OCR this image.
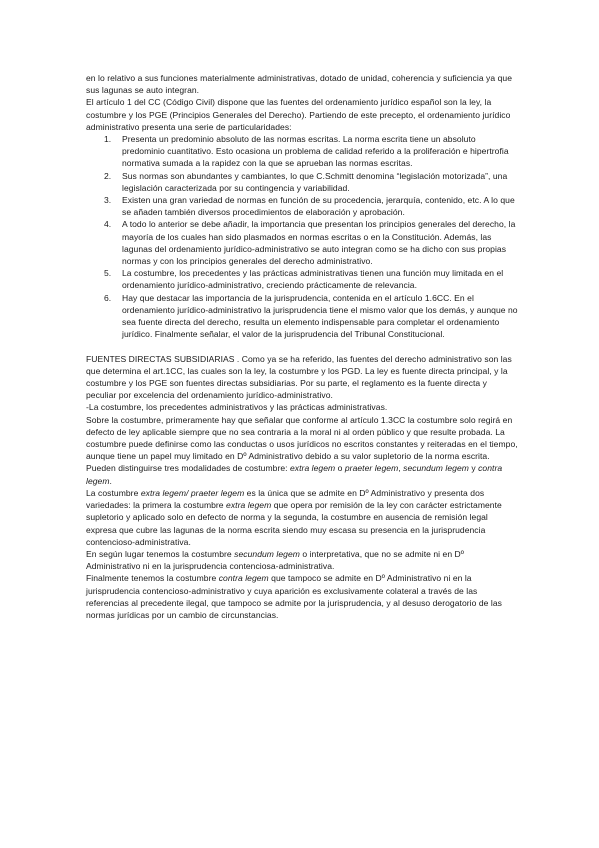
en lo relativo a sus funciones materialmente administrativas, dotado de unidad, coherencia y suficiencia ya que sus lagunas se auto integran.

El artículo 1 del CC (Código Civil) dispone que las fuentes del ordenamiento jurídico español son la ley, la costumbre y los PGE (Principios Generales del Derecho). Partiendo de este precepto, el ordenamiento jurídico administrativo presenta una serie de particularidades:

1. Presenta un predominio absoluto de las normas escritas. La norma escrita tiene un absoluto predominio cuantitativo. Esto ocasiona un problema de calidad referido a la proliferación e hipertrofia normativa sumada a la rapidez con la que se aprueban las normas escritas.
2. Sus normas son abundantes y cambiantes, lo que C.Schmitt denomina “legislación motorizada”, una legislación caracterizada por su contingencia y variabilidad.
3. Existen una gran variedad de normas en función de su procedencia, jerarquía, contenido, etc. A lo que se añaden también diversos procedimientos de elaboración y aprobación.
4. A todo lo anterior se debe añadir, la importancia que presentan los principios generales del derecho, la mayoría de los cuales han sido plasmados en normas escritas o en la Constitución. Además, las lagunas del ordenamiento jurídico-administrativo se auto integran como se ha dicho con sus propias normas y con los principios generales del derecho administrativo.
5. La costumbre, los precedentes y las prácticas administrativas tienen una función muy limitada en el ordenamiento jurídico-administrativo, creciendo prácticamente de relevancia.
6. Hay que destacar las importancia de la jurisprudencia, contenida en el artículo 1.6CC. En el ordenamiento jurídico-administrativo la jurisprudencia tiene el mismo valor que los demás, y aunque no sea fuente directa del derecho, resulta un elemento indispensable para completar el ordenamiento jurídico. Finalmente señalar, el valor de la jurisprudencia del Tribunal Constitucional.

FUENTES DIRECTAS SUBSIDIARIAS . Como ya se ha referido, las fuentes del derecho administrativo son las que determina el art.1CC, las cuales son la ley, la costumbre y los PGD. La ley es fuente directa principal, y la costumbre y los PGE son fuentes directas subsidiarias. Por su parte, el reglamento es la fuente directa y peculiar por excelencia del ordenamiento jurídico-administrativo.

-La costumbre, los precedentes administrativos y las prácticas administrativas.

Sobre la costumbre, primeramente hay que señalar que conforme al artículo 1.3CC la costumbre solo regirá en defecto de ley aplicable siempre que no sea contraria a la moral ni al orden público y que resulte probada. La costumbre puede definirse como las conductas o usos jurídicos no escritos constantes y reiteradas en el tiempo, aunque tiene un papel muy limitado en Dº Administrativo debido a su valor supletorio de la norma escrita. Pueden distinguirse tres modalidades de costumbre: extra legem o praeter legem, secundum legem y contra legem.

La costumbre extra legem/ praeter legem es la única que se admite en Dº Administrativo y presenta dos variedades: la primera la costumbre extra legem que opera por remisión de la ley con carácter estrictamente supletorio y aplicado solo en defecto de norma y la segunda, la costumbre en ausencia de remisión legal expresa que cubre las lagunas de la norma escrita siendo muy escasa su presencia en la jurisprudencia contencioso-administrativa.

En según lugar tenemos la costumbre secundum legem o interpretativa, que no se admite ni en Dº Administrativo ni en la jurisprudencia contenciosa-administrativa.

Finalmente tenemos la costumbre contra legem que tampoco se admite en Dº Administrativo ni en la jurisprudencia contencioso-administrativo y cuya aparición es exclusivamente colateral a través de las referencias al precedente ilegal, que tampoco se admite por la jurisprudencia, y al desuso derogatorio de las normas jurídicas por un cambio de circunstancias.
